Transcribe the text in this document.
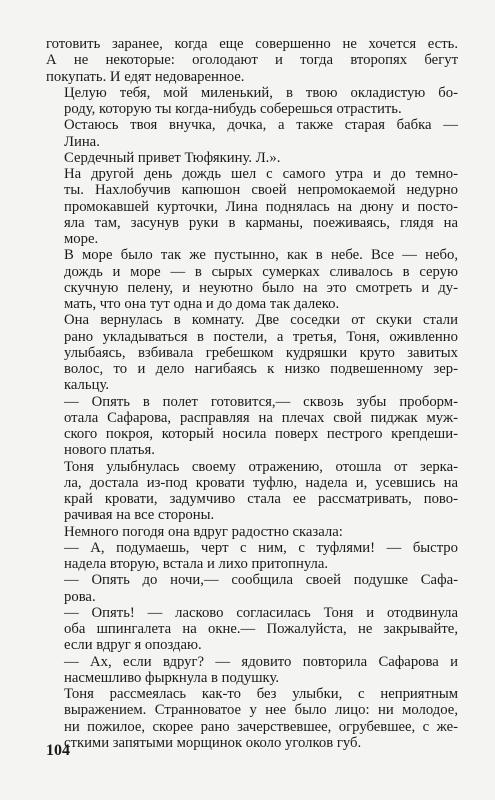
готовить заранее, когда еще совершенно не хочется есть.
А не некоторые: оголодают и тогда второпях бегут
покупать. И едят недоваренное.
Целую тебя, мой миленький, в твою окладистую бо-
роду, которую ты когда-нибудь соберешься отрастить.
Остаюсь твоя внучка, дочка, а также старая бабка —
Лина.
Сердечный привет Тюфякину. Л.».
На другой день дождь шел с самого утра и до темно-
ты. Нахлобучив капюшон своей непромокаемой недурно
промокавшей курточки, Лина поднялась на дюну и посто-
яла там, засунув руки в карманы, поеживаясь, глядя на
море.
В море было так же пустынно, как в небе. Все — небо,
дождь и море — в сырых сумерках сливалось в серую
скучную пелену, и неуютно было на это смотреть и ду-
мать, что она тут одна и до дома так далеко.
Она вернулась в комнату. Две соседки от скуки стали
рано укладываться в постели, а третья, Тоня, оживленно
улыбаясь, взбивала гребешком кудряшки круто завитых
волос, то и дело нагибаясь к низко подвешенному зер-
кальцу.
— Опять в полет готовится,— сквозь зубы проборм-
отала Сафарова, расправляя на плечах свой пиджак муж-
ского покроя, который носила поверх пестрого крепдеши-
нового платья.
Тоня улыбнулась своему отражению, отошла от зерка-
ла, достала из-под кровати туфлю, надела и, усевшись на
край кровати, задумчиво стала ее рассматривать, пово-
рачивая на все стороны.
Немного погодя она вдруг радостно сказала:
— А, подумаешь, черт с ним, с туфлями! — быстро
надела вторую, встала и лихо притопнула.
— Опять до ночи,— сообщила своей подушке Сафа-
рова.
— Опять! — ласково согласилась Тоня и отодвинула
оба шпингалета на окне.— Пожалуйста, не закрывайте,
если вдруг я опоздаю.
— Ах, если вдруг? — ядовито повторила Сафарова и
насмешливо фыркнула в подушку.
Тоня рассмеялась как-то без улыбки, с неприятным
выражением. Странноватое у нее было лицо: ни молодое,
ни пожилое, скорее рано зачерствевшее, огрубевшее, с же-
сткими запятыми морщинок около уголков губ.
104
